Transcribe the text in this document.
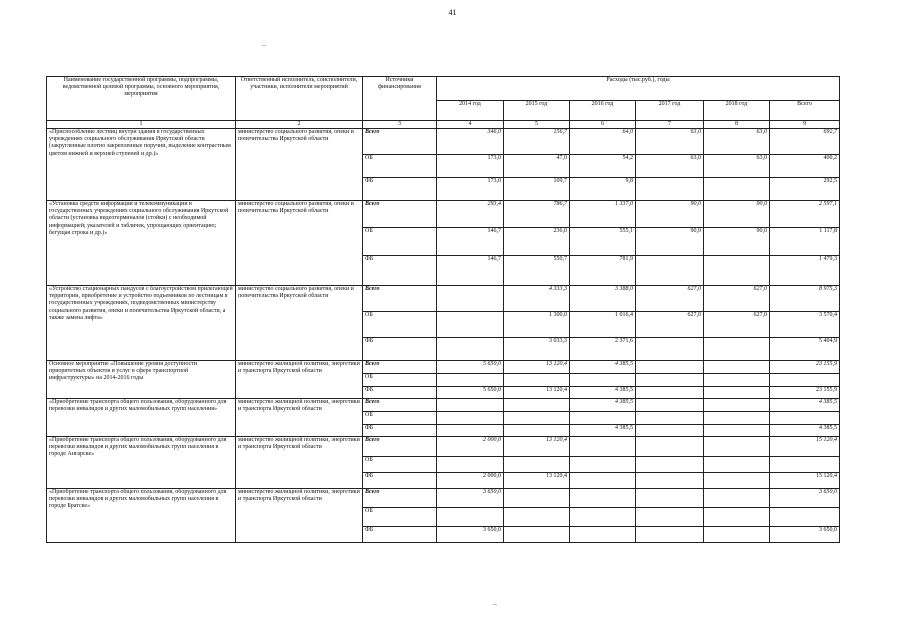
41
Наименование государственной программы, подпрограммы, ведомственной целевой программы, основного мероприятия, мероприятия	Ответственный исполнитель, соисполнители, участники, исполнители мероприятий	Источники финансирования	Расходы (тыс.руб.), годы					
			2014 год	2015 год	2016 год	2017 год	2018 год	Всего
1	2	3	4	5	6	7	8	9
«Приспособление лестниц внутри здания в государственных учреждениях социального обслуживания Иркутской области (закругленные плотно закрепленные поручни, выделение контрастным цветом нижней и верхней ступеней и др.)»	министерство социального развития, опеки и попечительства Иркутской области	Всего	346,0	156,7	64,0	63,0	63,0	692,7
		ОБ	173,0	47,0	54,2	63,0	63,0	400,2
		ФБ	173,0	109,7	9,8			292,5
«Установка средств информации и телекоммуникации в государственных учреждениях социального обслуживания Иркутской области (установка видеотерминалов (стойки) с необходимой информацией; указателей и табличек, упрощающих ориентацию; бегущая строка и др.)»	министерство социального развития, опеки и попечительства Иркутской области	Всего	293,4	786,7	1 337,0	90,0	90,0	2 597,1
		ОБ	146,7	236,0	555,1	90,0	90,0	1 117,8
		ФБ	146,7	550,7	781,9			1 479,3
«Устройство стационарных пандусов с благоустройством прилегающей территории, приобретение и устройство подъемников по лестницам в государственных учреждениях, подведомственных министерству социального развития, опеки и попечительства Иркутской области, а также замена лифта»	министерство социального развития, опеки и попечительства Иркутской области	Всего		4 333,3	3 388,0	627,0	627,0	8 975,3
		ОБ		1 300,0	1 016,4	627,0	627,0	3 570,4
		ФБ		3 033,3	2 371,6			5 404,9
Основное мероприятие «Повышение уровня доступности приоритетных объектов и услуг в сфере транспортной инфраструктуры» на 2014-2016 годы	министерство жилищной политики, энергетики и транспорта Иркутской области	Всего	5 650,0	13 120,4	4 385,5			23 155,9
		ОБ						
		ФБ	5 650,0	13 120,4	4 385,5			23 155,9
«Приобретение транспорта общего пользования, оборудованного для перевозки инвалидов и других маломобильных групп населения»	министерство жилищной политики, энергетики и транспорта Иркутской области	Всего			4 385,5			4 385,5
		ОБ						
		ФБ			4 385,5			4 385,5
«Приобретение транспорта общего пользования, оборудованного для перевозки инвалидов и других маломобильных групп населения в городе Ангарске»	министерство жилищной политики, энергетики и транспорта Иркутской области	Всего	2 000,0	13 120,4				15 120,4
		ОБ						
		ФБ	2 000,0	13 120,4				15 120,4
«Приобретение транспорта общего пользования, оборудованного для перевозки инвалидов и других маломобильных групп населения в городе Братске»	министерство жилищной политики, энергетики и транспорта Иркутской области	Всего	3 650,0					3 650,0
		ОБ						
		ФБ	3 650,0					3 650,0
